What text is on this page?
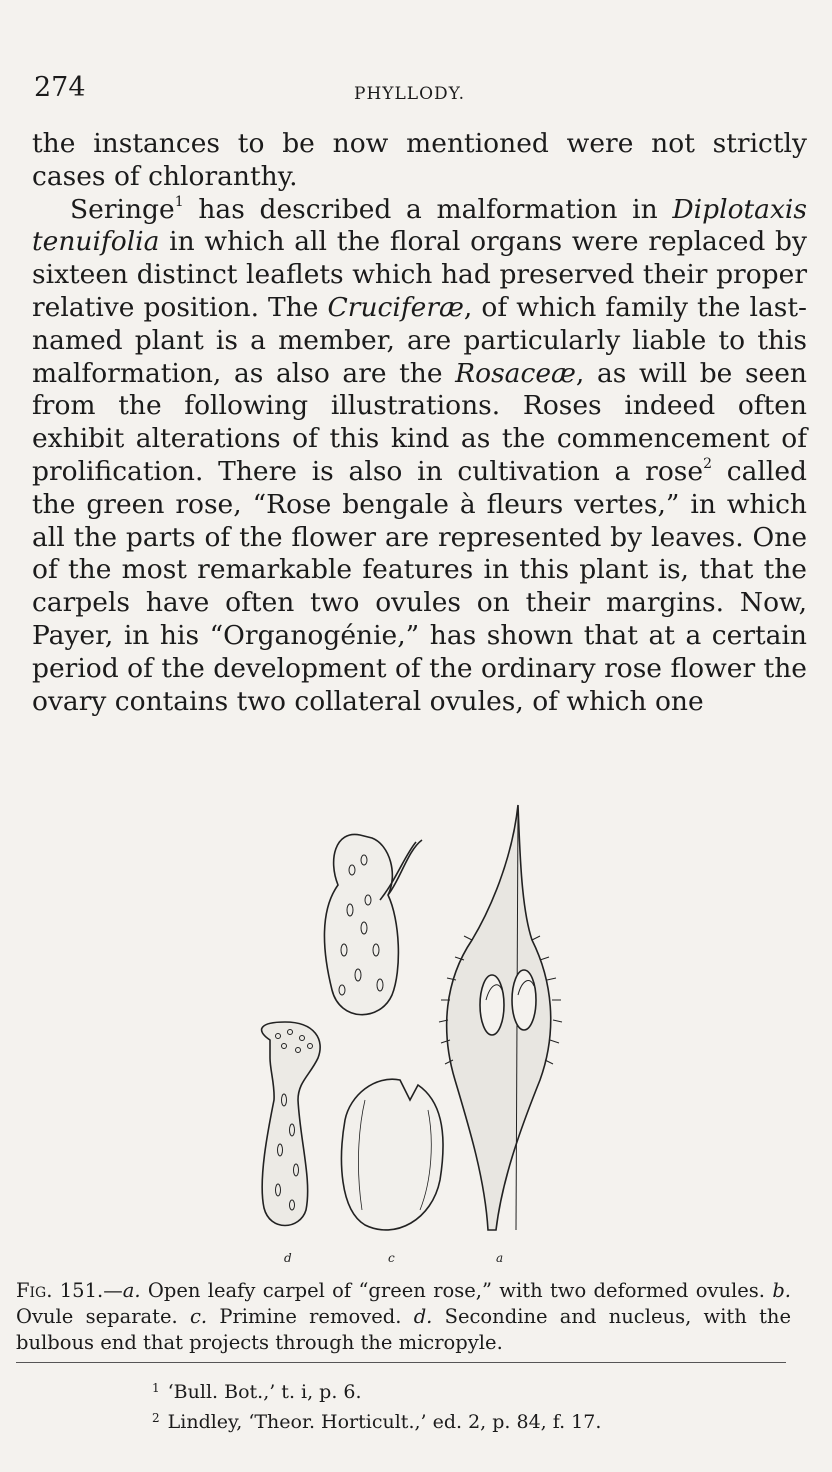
274	PHYLLODY.

the instances to be now mentioned were not strictly cases of chloranthy.

Seringe$^1$ has described a malformation in Diplotaxis tenuifolia in which all the floral organs were replaced by sixteen distinct leaflets which had preserved their proper relative position. The Cruciferæ, of which family the last-named plant is a member, are particularly liable to this malformation, as also are the Rosaceæ, as will be seen from the following illustrations. Roses indeed often exhibit alterations of this kind as the commencement of prolification. There is also in cultivation a rose$^2$ called the green rose, “Rose bengale à fleurs vertes,” in which all the parts of the flower are represented by leaves. One of the most remarkable features in this plant is, that the carpels have often two ovules on their margins. Now, Payer, in his “Organogénie,” has shown that at a certain period of the development of the ordinary rose flower the ovary contains two collateral ovules, of which one

d	c	a
Fig. 151.—a. Open leafy carpel of “green rose,” with two deformed ovules. b. Ovule separate. c. Primine removed. d. Secondine and nucleus, with the bulbous end that projects through the micropyle.
$^1$ ‘Bull. Bot.,’ t. i, p. 6.
$^2$ Lindley, ‘Theor. Horticult.,’ ed. 2, p. 84, f. 17.
